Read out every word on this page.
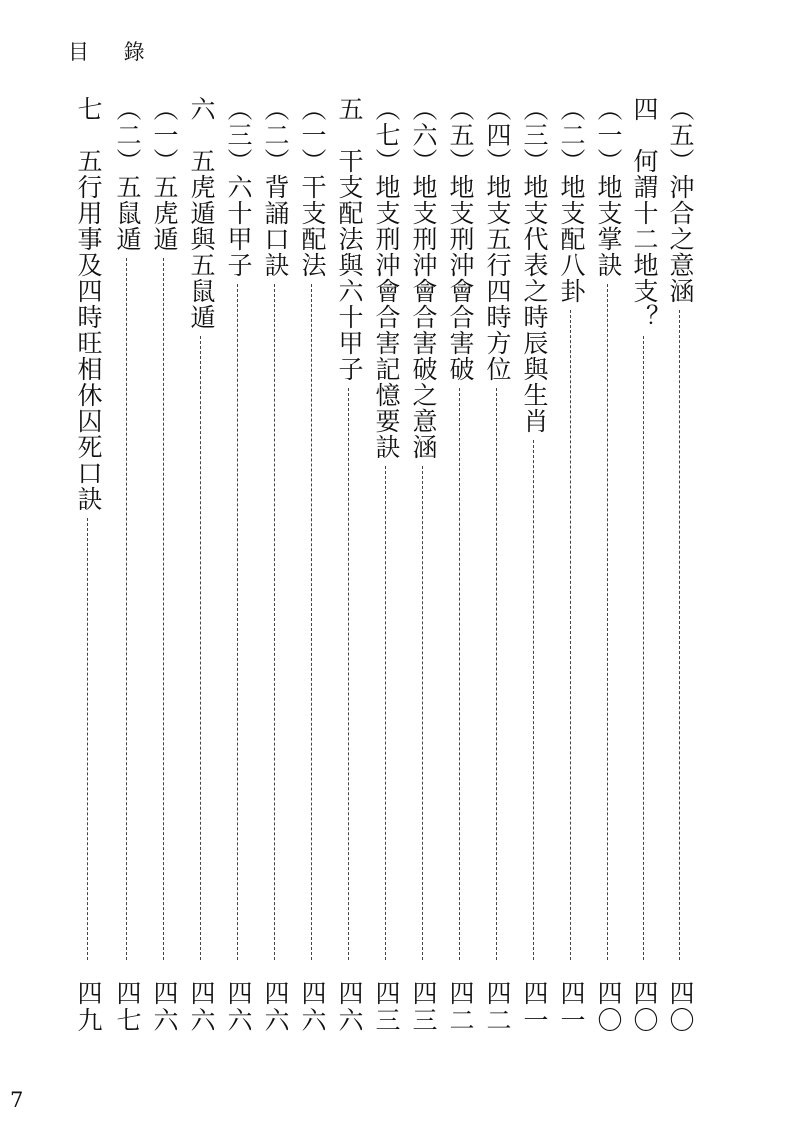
目 錄
（五）沖合之意涵
四〇
四　何謂十二地支？
四〇
（一）地支掌訣
四〇
（二）地支配八卦
四一
（三）地支代表之時辰與生肖
四一
（四）地支五行四時方位
四二
（五）地支刑沖會合害破
四二
（六）地支刑沖會合害破之意涵
四三
（七）地支刑沖會合害記憶要訣
四三
五　干支配法與六十甲子
四六
（一）干支配法
四六
（二）背誦口訣
四六
（三）六十甲子
四六
六　五虎遁與五鼠遁
四六
（一）五虎遁
四六
（二）五鼠遁
四七
七　五行用事及四時旺相休囚死口訣
四九
7
